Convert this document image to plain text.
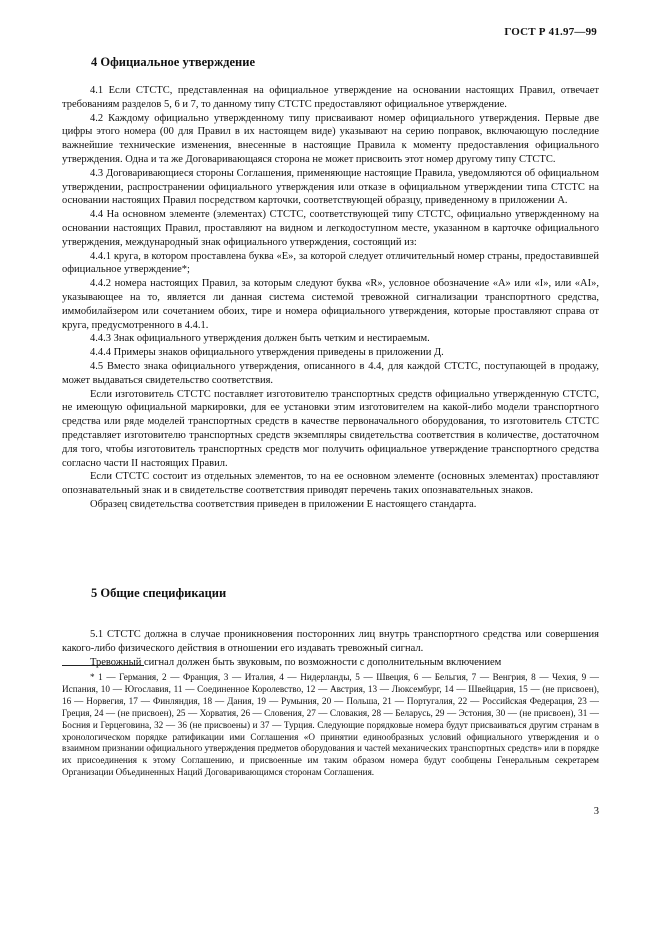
ГОСТ Р 41.97—99
4 Официальное утверждение

4.1 Если СТСТС, представленная на официальное утверждение на основании настоящих Правил, отвечает требованиям разделов 5, 6 и 7, то данному типу СТСТС предоставляют официальное утверждение.

4.2 Каждому официально утвержденному типу присваивают номер официального утверждения. Первые две цифры этого номера (00 для Правил в их настоящем виде) указывают на серию поправок, включающую последние важнейшие технические изменения, внесенные в настоящие Правила к моменту предоставления официального утверждения. Одна и та же Договаривающаяся сторона не может присвоить этот номер другому типу СТСТС.

4.3 Договаривающиеся стороны Соглашения, применяющие настоящие Правила, уведомляются об официальном утверждении, распространении официального утверждения или отказе в официальном утверждении типа СТСТС на основании настоящих Правил посредством карточки, соответствующей образцу, приведенному в приложении А.

4.4 На основном элементе (элементах) СТСТС, соответствующей типу СТСТС, официально утвержденному на основании настоящих Правил, проставляют на видном и легкодоступном месте, указанном в карточке официального утверждения, международный знак официального утверждения, состоящий из:

4.4.1 круга, в котором проставлена буква «E», за которой следует отличительный номер страны, предоставившей официальное утверждение*;

4.4.2 номера настоящих Правил, за которым следуют буква «R», условное обозначение «A» или «I», или «AI», указывающее на то, является ли данная система системой тревожной сигнализации транспортного средства, иммобилайзером или сочетанием обоих, тире и номера официального утверждения, которые проставляют справа от круга, предусмотренного в 4.4.1.

4.4.3 Знак официального утверждения должен быть четким и нестираемым.

4.4.4 Примеры знаков официального утверждения приведены в приложении Д.

4.5 Вместо знака официального утверждения, описанного в 4.4, для каждой СТСТС, поступающей в продажу, может выдаваться свидетельство соответствия.

Если изготовитель СТСТС поставляет изготовителю транспортных средств официально утвержденную СТСТС, не имеющую официальной маркировки, для ее установки этим изготовителем на какой-либо модели транспортного средства или ряде моделей транспортных средств в качестве первоначального оборудования, то изготовитель СТСТС представляет изготовителю транспортных средств экземпляры свидетельства соответствия в количестве, достаточном для того, чтобы изготовитель транспортных средств мог получить официальное утверждение транспортного средства согласно части II настоящих Правил.

Если СТСТС состоит из отдельных элементов, то на ее основном элементе (основных элементах) проставляют опознавательный знак и в свидетельстве соответствия приводят перечень таких опознавательных знаков.

Образец свидетельства соответствия приведен в приложении Е настоящего стандарта.

5 Общие спецификации

5.1 СТСТС должна в случае проникновения посторонних лиц внутрь транспортного средства или совершения какого-либо физического действия в отношении его издавать тревожный сигнал.

Тревожный сигнал должен быть звуковым, по возможности с дополнительным включением

* 1 — Германия, 2 — Франция, 3 — Италия, 4 — Нидерланды, 5 — Швеция, 6 — Бельгия, 7 — Венгрия, 8 — Чехия, 9 — Испания, 10 — Югославия, 11 — Соединенное Королевство, 12 — Австрия, 13 — Люксембург, 14 — Швейцария, 15 — (не присвоен), 16 — Норвегия, 17 — Финляндия, 18 — Дания, 19 — Румыния, 20 — Польша, 21 — Португалия, 22 — Российская Федерация, 23 — Греция, 24 — (не присвоен), 25 — Хорватия, 26 — Словения, 27 — Словакия, 28 — Беларусь, 29 — Эстония, 30 — (не присвоен), 31 — Босния и Герцеговина, 32 — 36 (не присвоены) и 37 — Турция. Следующие порядковые номера будут присваиваться другим странам в хронологическом порядке ратификации ими Соглашения «О принятии единообразных условий официального утверждения и о взаимном признании официального утверждения предметов оборудования и частей механических транспортных средств» или в порядке их присоединения к этому Соглашению, и присвоенные им таким образом номера будут сообщены Генеральным секретарем Организации Объединенных Наций Договаривающимся сторонам Соглашения.

3
